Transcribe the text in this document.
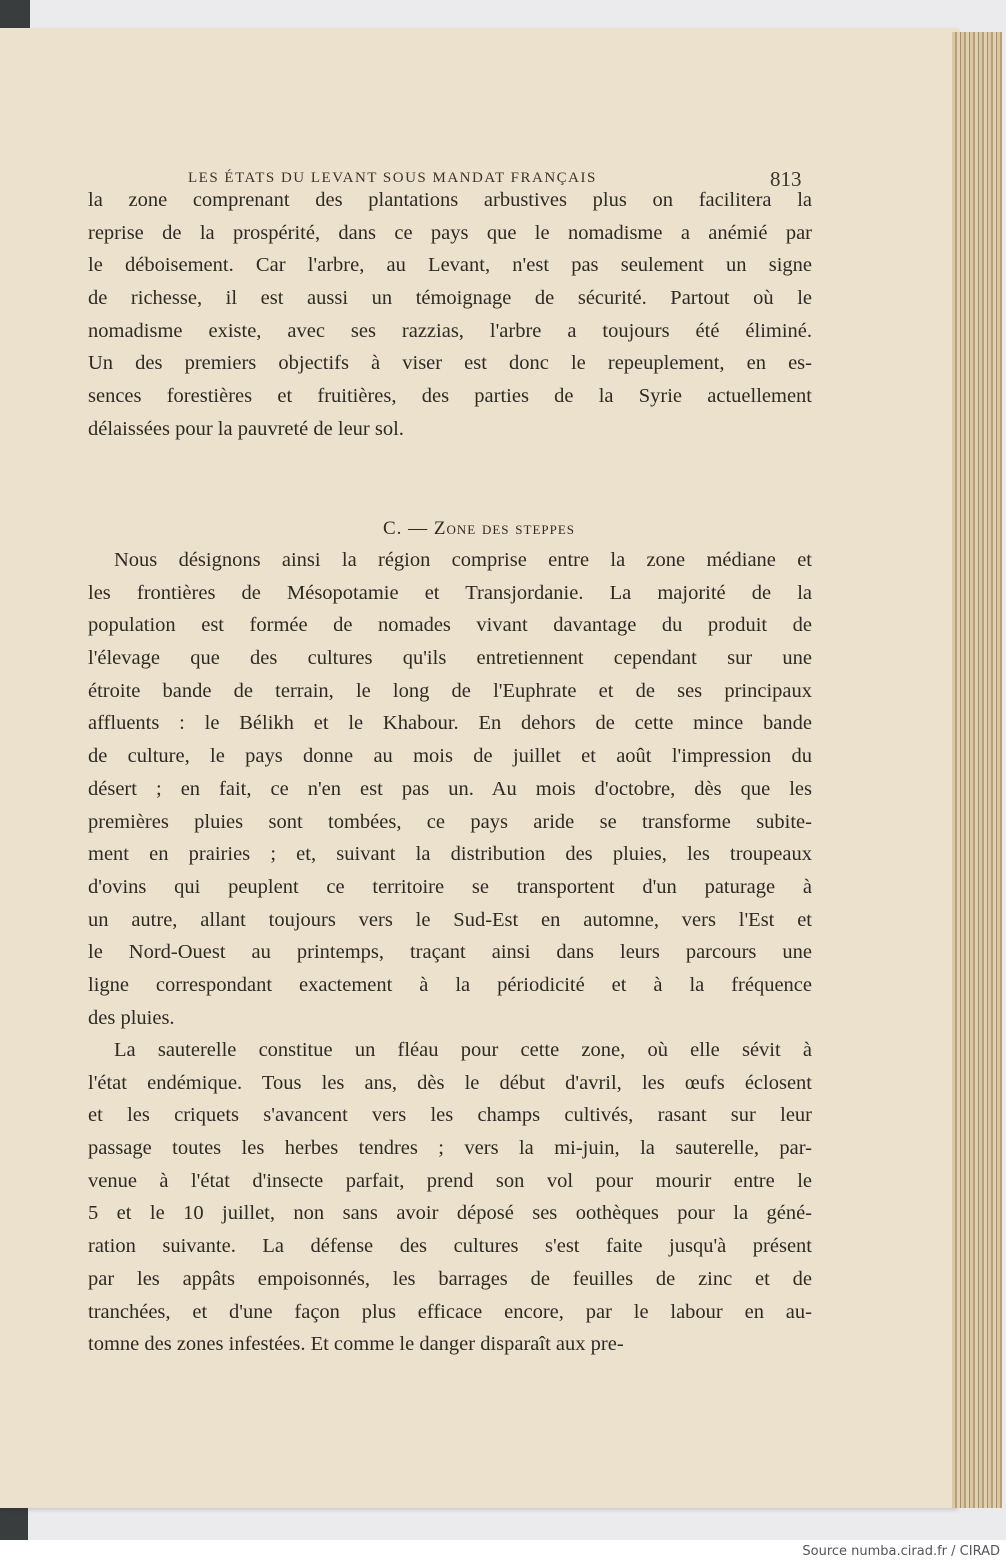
LES ÉTATS DU LEVANT SOUS MANDAT FRANÇAIS	813
la zone comprenant des plantations arbustives plus on facilitera la
reprise de la prospérité, dans ce pays que le nomadisme a anémié par
le déboisement. Car l'arbre, au Levant, n'est pas seulement un signe
de richesse, il est aussi un témoignage de sécurité. Partout où le
nomadisme existe, avec ses razzias, l'arbre a toujours été éliminé.
Un des premiers objectifs à viser est donc le repeuplement, en es-
sences forestières et fruitières, des parties de la Syrie actuellement
délaissées pour la pauvreté de leur sol.
C. — Zone des steppes
Nous désignons ainsi la région comprise entre la zone médiane et
les frontières de Mésopotamie et Transjordanie. La majorité de la
population est formée de nomades vivant davantage du produit de
l'élevage que des cultures qu'ils entretiennent cependant sur une
étroite bande de terrain, le long de l'Euphrate et de ses principaux
affluents : le Bélikh et le Khabour. En dehors de cette mince bande
de culture, le pays donne au mois de juillet et août l'impression du
désert ; en fait, ce n'en est pas un. Au mois d'octobre, dès que les
premières pluies sont tombées, ce pays aride se transforme subite-
ment en prairies ; et, suivant la distribution des pluies, les troupeaux
d'ovins qui peuplent ce territoire se transportent d'un paturage à
un autre, allant toujours vers le Sud-Est en automne, vers l'Est et
le Nord-Ouest au printemps, traçant ainsi dans leurs parcours une
ligne correspondant exactement à la périodicité et à la fréquence
des pluies.
La sauterelle constitue un fléau pour cette zone, où elle sévit à
l'état endémique. Tous les ans, dès le début d'avril, les œufs éclosent
et les criquets s'avancent vers les champs cultivés, rasant sur leur
passage toutes les herbes tendres ; vers la mi-juin, la sauterelle, par-
venue à l'état d'insecte parfait, prend son vol pour mourir entre le
5 et le 10 juillet, non sans avoir déposé ses oothèques pour la géné-
ration suivante. La défense des cultures s'est faite jusqu'à présent
par les appâts empoisonnés, les barrages de feuilles de zinc et de
tranchées, et d'une façon plus efficace encore, par le labour en au-
tomne des zones infestées. Et comme le danger disparaît aux pre-
Source numba.cirad.fr / CIRAD
